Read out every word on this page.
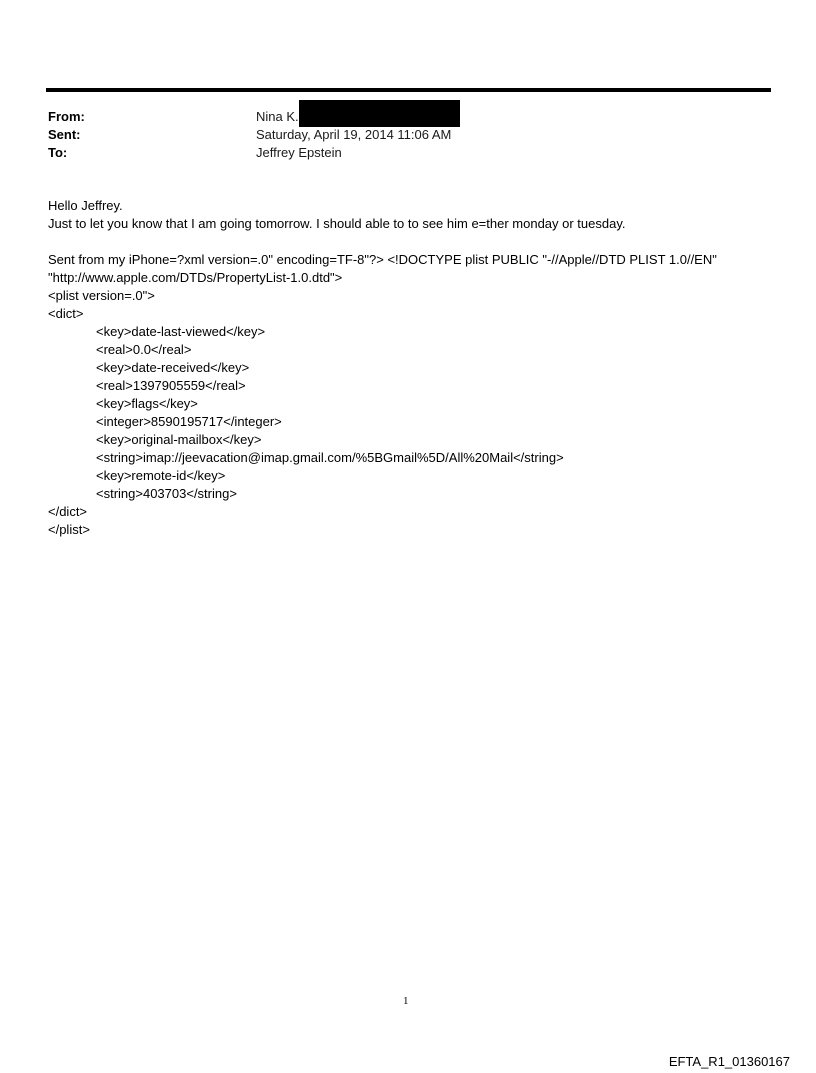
From:	Nina K.
Sent:	Saturday, April 19, 2014 11:06 AM
To:	Jeffrey Epstein
Hello Jeffrey.
Just to let you know that I am going tomorrow. I should able to to see him e=ther monday or tuesday.
Sent from my iPhone=?xml version=.0" encoding=TF-8"?> <!DOCTYPE plist PUBLIC "-//Apple//DTD PLIST 1.0//EN"
"http://www.apple.com/DTDs/PropertyList-1.0.dtd">
<plist version=.0">
<dict>
<key>date-last-viewed</key>
<real>0.0</real>
<key>date-received</key>
<real>1397905559</real>
<key>flags</key>
<integer>8590195717</integer>
<key>original-mailbox</key>
<string>imap://jeevacation@imap.gmail.com/%5BGmail%5D/All%20Mail</string>
<key>remote-id</key>
<string>403703</string>
</dict>
</plist>
1
EFTA_R1_01360167
